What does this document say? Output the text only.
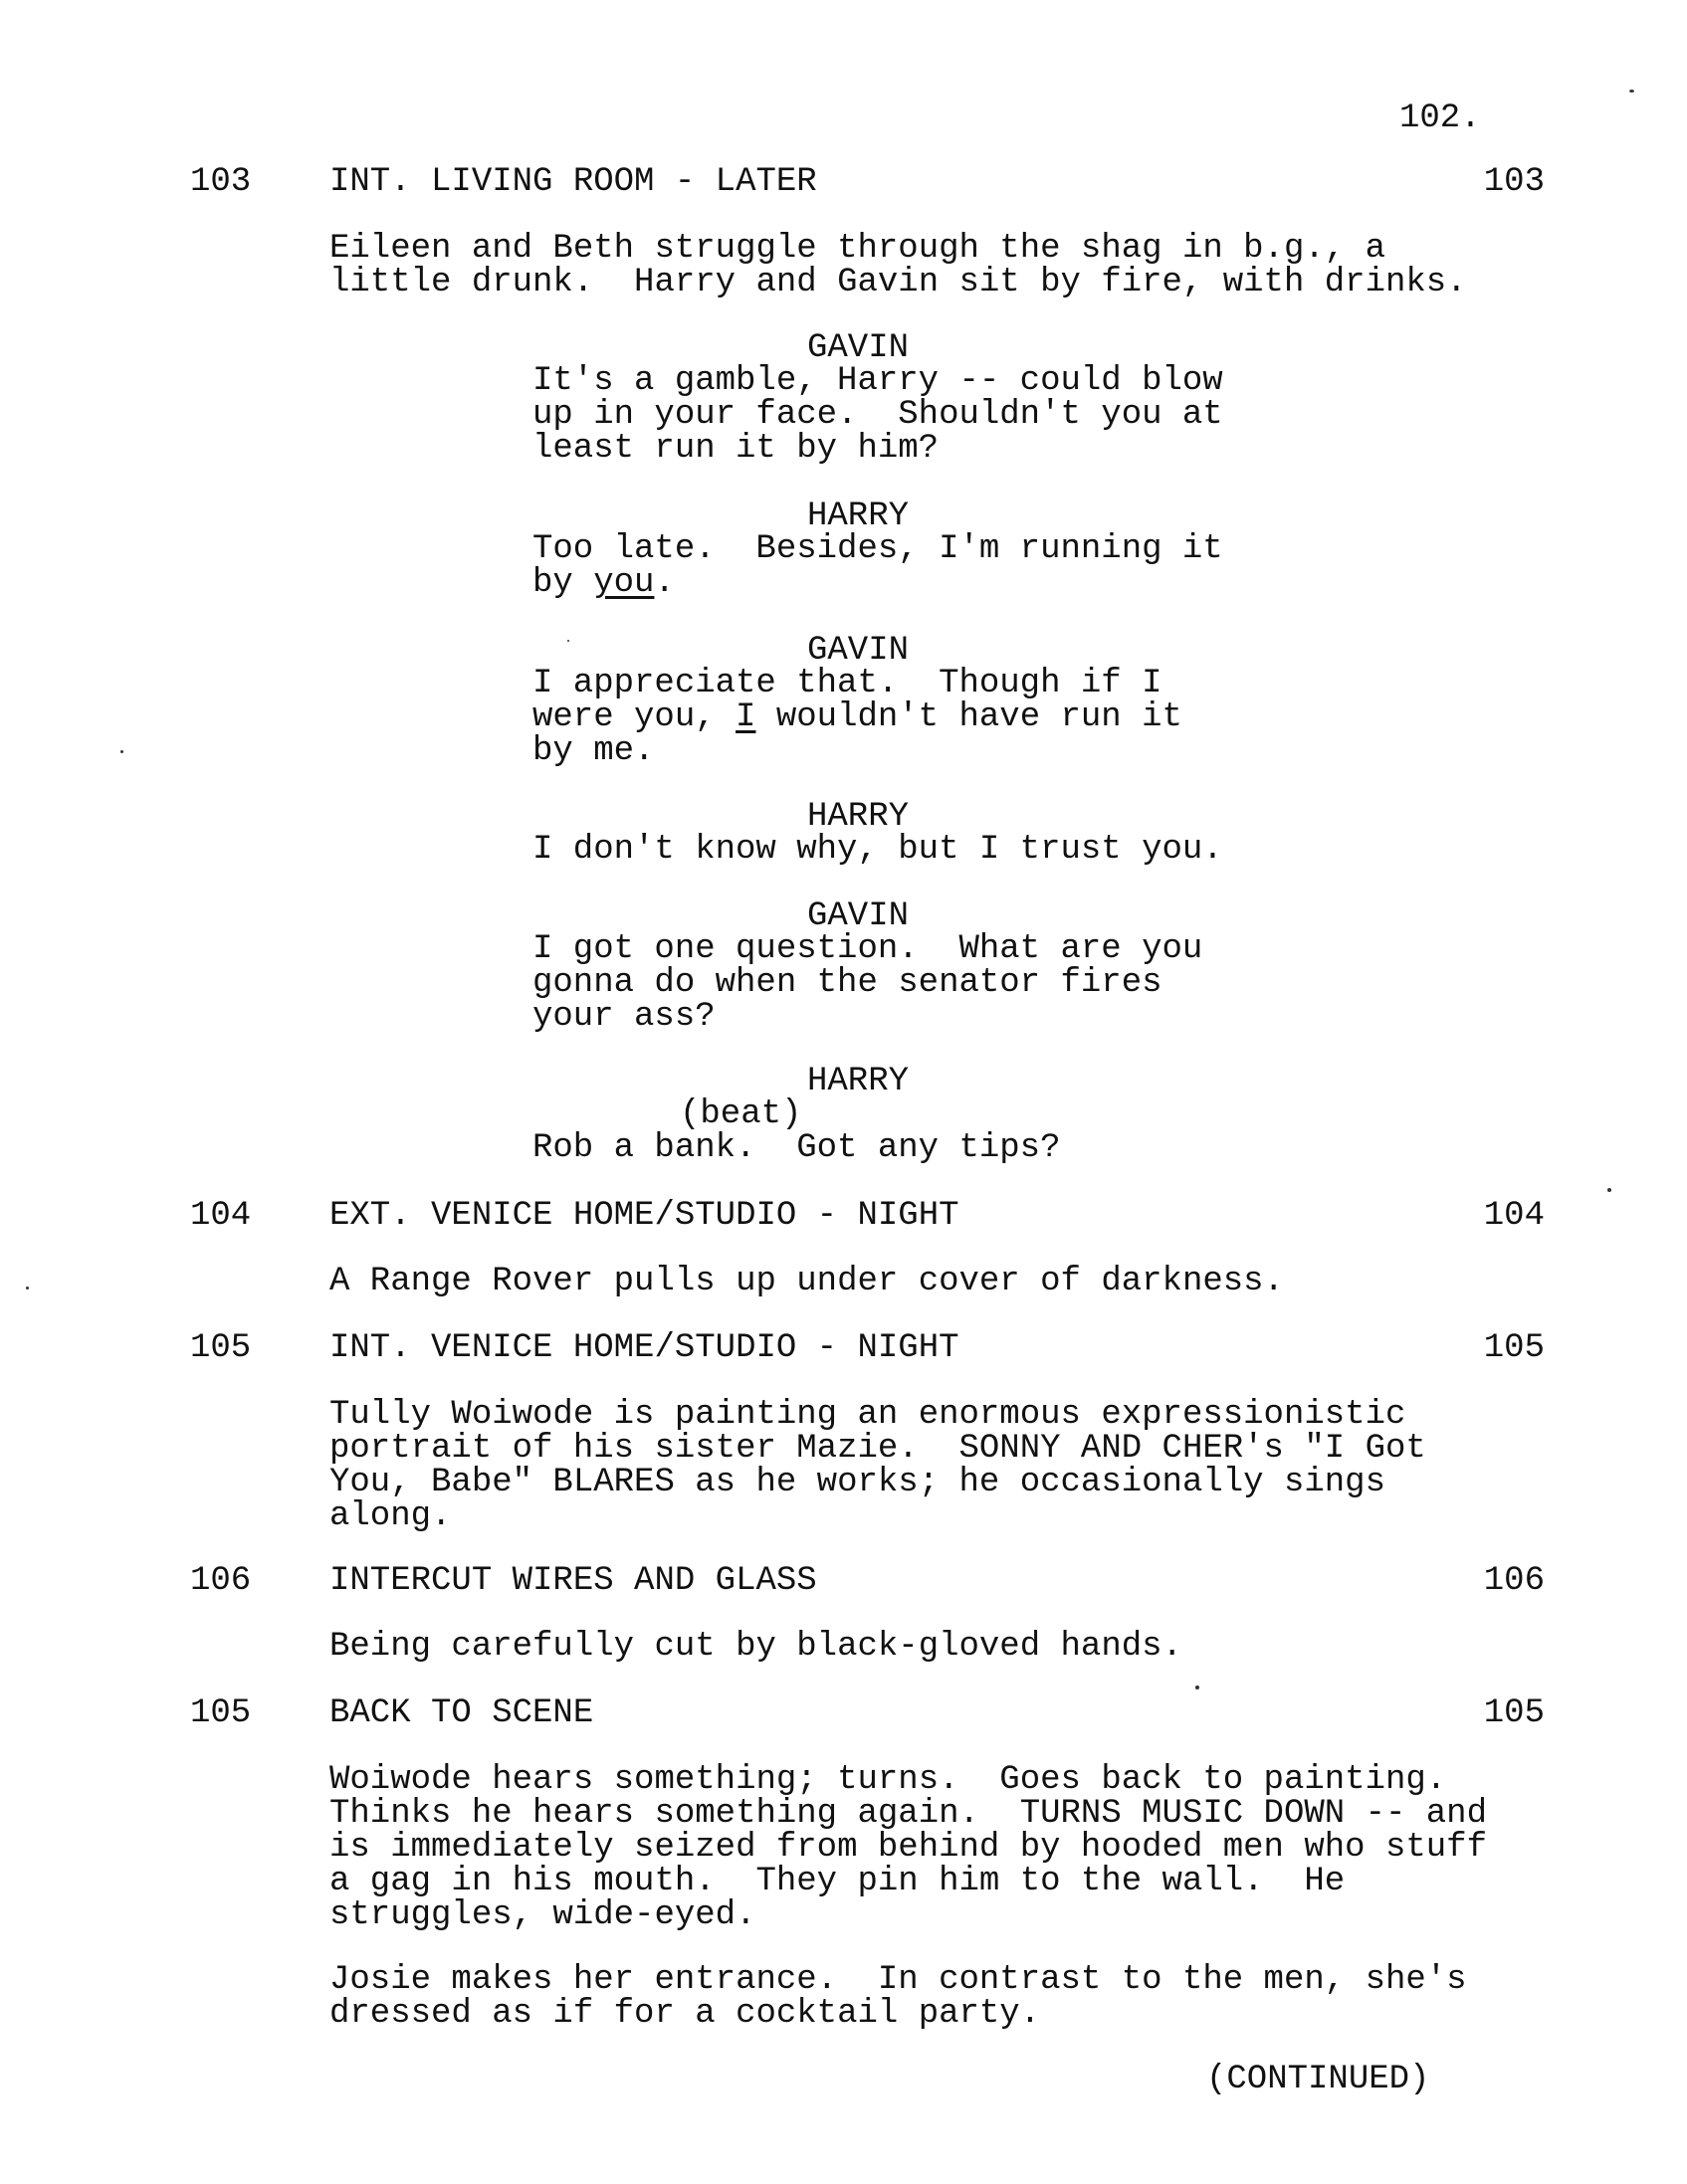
102.
103 INT. LIVING ROOM - LATER	103
Eileen and Beth struggle through the shag in b.g., a
little drunk.  Harry and Gavin sit by fire, with drinks.
GAVIN
It's a gamble, Harry -- could blow
up in your face.  Shouldn't you at
least run it by him?
HARRY
Too late.  Besides, I'm running it
by you.
GAVIN
I appreciate that.  Though if I
were you, I wouldn't have run it
by me.
HARRY
I don't know why, but I trust you.
GAVIN
I got one question.  What are you
gonna do when the senator fires
your ass?
HARRY
(beat)
Rob a bank.  Got any tips?
104 EXT. VENICE HOME/STUDIO - NIGHT	104
A Range Rover pulls up under cover of darkness.
105 INT. VENICE HOME/STUDIO - NIGHT	105
Tully Woiwode is painting an enormous expressionistic
portrait of his sister Mazie.  SONNY AND CHER's "I Got
You, Babe" BLARES as he works; he occasionally sings
along.
106 INTERCUT WIRES AND GLASS	106
Being carefully cut by black-gloved hands.
105 BACK TO SCENE	105
Woiwode hears something; turns.  Goes back to painting.
Thinks he hears something again.  TURNS MUSIC DOWN -- and
is immediately seized from behind by hooded men who stuff
a gag in his mouth.  They pin him to the wall.  He
struggles, wide-eyed.
Josie makes her entrance.  In contrast to the men, she's
dressed as if for a cocktail party.
(CONTINUED)
